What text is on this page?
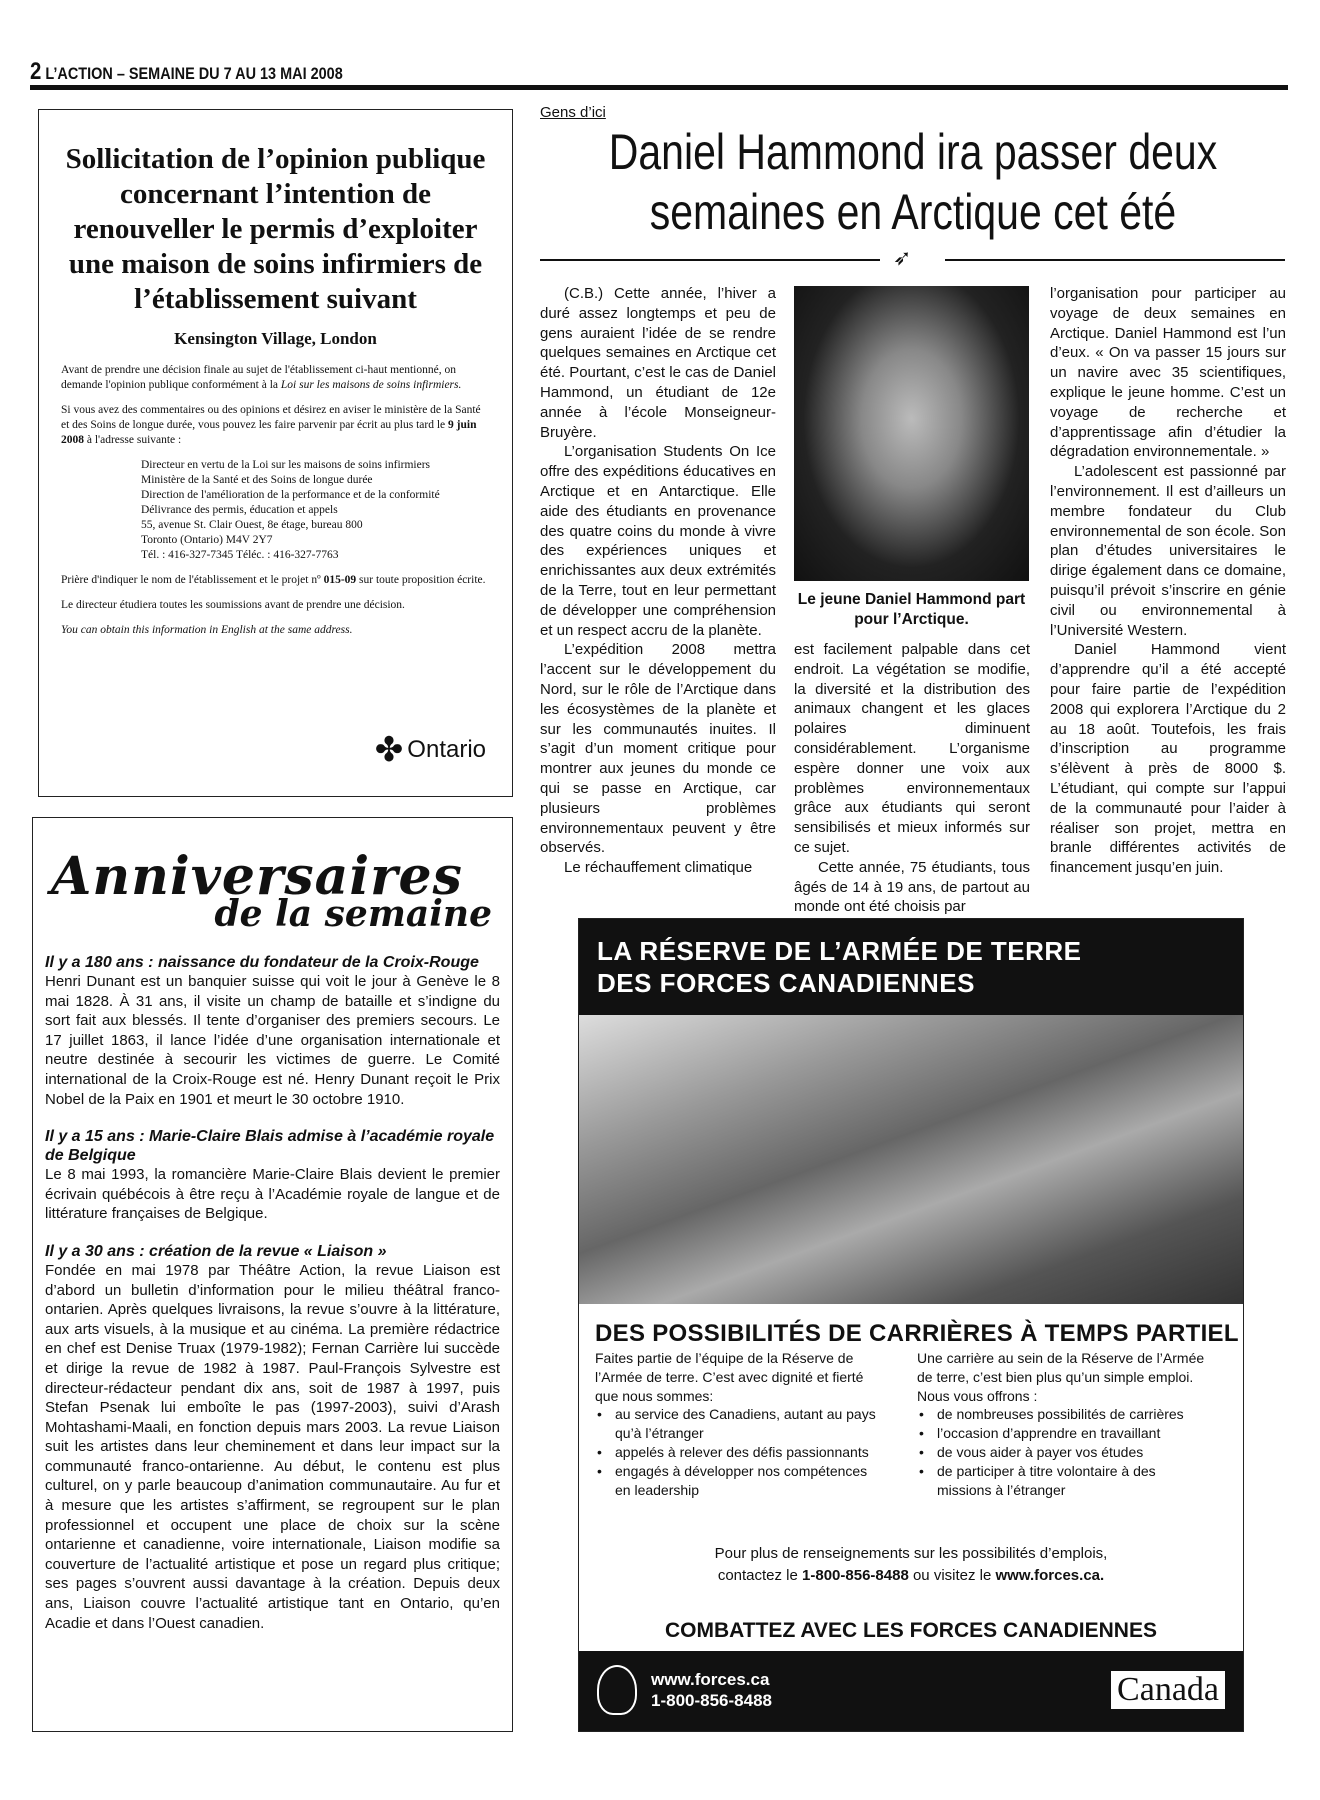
2 L’ACTION – SEMAINE DU 7 AU 13 MAI 2008
Sollicitation de l’opinion publique concernant l’intention de renouveller le permis d’exploiter une maison de soins infirmiers de l’établissement suivant
Kensington Village, London

Avant de prendre une décision finale au sujet de l'établissement ci-haut mentionné, on demande l'opinion publique conformément à la Loi sur les maisons de soins infirmiers.

Si vous avez des commentaires ou des opinions et désirez en aviser le ministère de la Santé et des Soins de longue durée, vous pouvez les faire parvenir par écrit au plus tard le 9 juin 2008 à l'adresse suivante :

Directeur en vertu de la Loi sur les maisons de soins infirmiers
Ministère de la Santé et des Soins de longue durée
Direction de l'amélioration de la performance et de la conformité
Délivrance des permis, éducation et appels
55, avenue St. Clair Ouest, 8e étage, bureau 800
Toronto (Ontario) M4V 2Y7
Tél. : 416-327-7345 Téléc. : 416-327-7763

Prière d'indiquer le nom de l'établissement et le projet nº 015-09 sur toute proposition écrite.

Le directeur étudiera toutes les soumissions avant de prendre une décision.

You can obtain this information in English at the same address.

✤ Ontario
Anniversaires
de la semaine
Il y a 180 ans : naissance du fondateur de la Croix-Rouge

Henri Dunant est un banquier suisse qui voit le jour à Genève le 8 mai 1828. À 31 ans, il visite un champ de bataille et s’indigne du sort fait aux blessés. Il tente d’organiser des premiers secours. Le 17 juillet 1863, il lance l’idée d’une organisation internationale et neutre destinée à secourir les victimes de guerre. Le Comité international de la Croix-Rouge est né. Henry Dunant reçoit le Prix Nobel de la Paix en 1901 et meurt le 30 octobre 1910.

Il y a 15 ans : Marie-Claire Blais admise à l’académie royale de Belgique

Le 8 mai 1993, la romancière Marie-Claire Blais devient le premier écrivain québécois à être reçu à l’Académie royale de langue et de littérature françaises de Belgique.

Il y a 30 ans : création de la revue « Liaison »

Fondée en mai 1978 par Théâtre Action, la revue Liaison est d’abord un bulletin d’information pour le milieu théâtral franco-ontarien. Après quelques livraisons, la revue s’ouvre à la littérature, aux arts visuels, à la musique et au cinéma. La première rédactrice en chef est Denise Truax (1979-1982); Fernan Carrière lui succède et dirige la revue de 1982 à 1987. Paul-François Sylvestre est directeur-rédacteur pendant dix ans, soit de 1987 à 1997, puis Stefan Psenak lui emboîte le pas (1997-2003), suivi d’Arash Mohtashami-Maali, en fonction depuis mars 2003. La revue Liaison suit les artistes dans leur cheminement et dans leur impact sur la communauté franco-ontarienne. Au début, le contenu est plus culturel, on y parle beaucoup d’animation communautaire. Au fur et à mesure que les artistes s’affirment, se regroupent sur le plan professionnel et occupent une place de choix sur la scène ontarienne et canadienne, voire internationale, Liaison modifie sa couverture de l’actualité artistique et pose un regard plus critique; ses pages s’ouvrent aussi davantage à la création. Depuis deux ans, Liaison couvre l’actualité artistique tant en Ontario, qu’en Acadie et dans l’Ouest canadien.

Gens d’ici
Daniel Hammond ira passer deux semaines en Arctique cet été
➶

(C.B.) Cette année, l’hiver a duré assez longtemps et peu de gens auraient l’idée de se rendre quelques semaines en Arctique cet été. Pourtant, c’est le cas de Daniel Hammond, un étudiant de 12e année à l’école Monseigneur-Bruyère.

L’organisation Students On Ice offre des expéditions éducatives en Arctique et en Antarctique. Elle aide des étudiants en provenance des quatre coins du monde à vivre des expériences uniques et enrichissantes aux deux extrémités de la Terre, tout en leur permettant de développer une compréhension et un respect accru de la planète.

L’expédition 2008 mettra l’accent sur le développement du Nord, sur le rôle de l’Arctique dans les écosystèmes de la planète et sur les communautés inuites. Il s’agit d’un moment critique pour montrer aux jeunes du monde ce qui se passe en Arctique, car plusieurs problèmes environnementaux peuvent y être observés.

Le réchauffement climatique

Le jeune Daniel Hammond part pour l’Arctique.

est facilement palpable dans cet endroit. La végétation se modifie, la diversité et la distribution des animaux changent et les glaces polaires diminuent considérablement. L’organisme espère donner une voix aux problèmes environnementaux grâce aux étudiants qui seront sensibilisés et mieux informés sur ce sujet.

Cette année, 75 étudiants, tous âgés de 14 à 19 ans, de partout au monde ont été choisis par

l’organisation pour participer au voyage de deux semaines en Arctique. Daniel Hammond est l’un d’eux. « On va passer 15 jours sur un navire avec 35 scientifiques, explique le jeune homme. C’est un voyage de recherche et d’apprentissage afin d’étudier la dégradation environnementale. »

L’adolescent est passionné par l’environnement. Il est d’ailleurs un membre fondateur du Club environnemental de son école. Son plan d’études universitaires le dirige également dans ce domaine, puisqu’il prévoit s’inscrire en génie civil ou environnemental à l’Université Western.

Daniel Hammond vient d’apprendre qu’il a été accepté pour faire partie de l’expédition 2008 qui explorera l’Arctique du 2 au 18 août. Toutefois, les frais d’inscription au programme s’élèvent à près de 8000 $. L’étudiant, qui compte sur l’appui de la communauté pour l’aider à réaliser son projet, mettra en branle différentes activités de financement jusqu’en juin.

LA RÉSERVE DE L’ARMÉE DE TERRE
DES FORCES CANADIENNES
DES POSSIBILITÉS DE CARRIÈRES À TEMPS PARTIEL
Faites partie de l’équipe de la Réserve de l’Armée de terre. C’est avec dignité et fierté que nous sommes:
• au service des Canadiens, autant au pays qu’à l’étranger
• appelés à relever des défis passionnants
• engagés à développer nos compétences en leadership
Une carrière au sein de la Réserve de l’Armée de terre, c’est bien plus qu’un simple emploi. Nous vous offrons :
• de nombreuses possibilités de carrières
• l’occasion d’apprendre en travaillant
• de vous aider à payer vos études
• de participer à titre volontaire à des missions à l’étranger
Pour plus de renseignements sur les possibilités d’emplois,
contactez le 1-800-856-8488 ou visitez le www.forces.ca.
COMBATTEZ AVEC LES FORCES CANADIENNES
www.forces.ca
1-800-856-8488	Canada
